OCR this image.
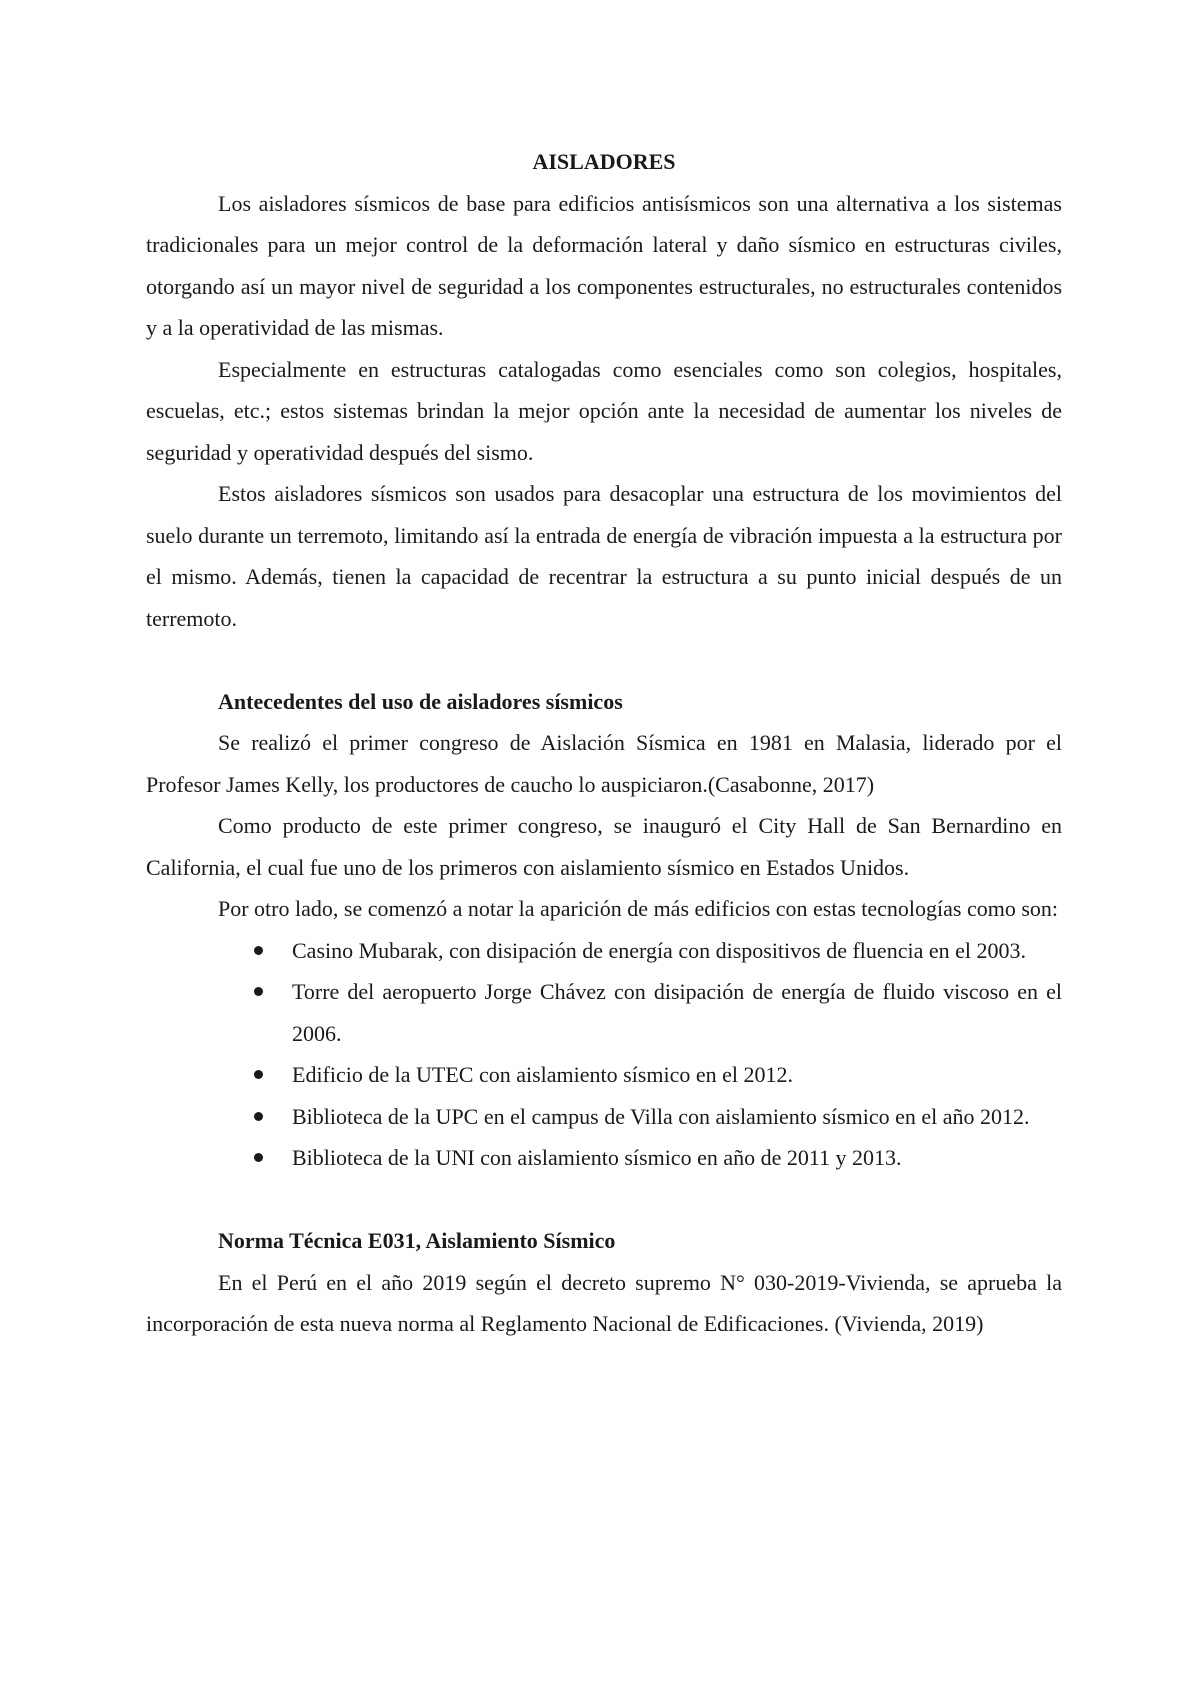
AISLADORES

Los aisladores sísmicos de base para edificios antisísmicos son una alternativa a los sistemas tradicionales para un mejor control de la deformación lateral y daño sísmico en estructuras civiles, otorgando así un mayor nivel de seguridad a los componentes estructurales, no estructurales contenidos y a la operatividad de las mismas.

Especialmente en estructuras catalogadas como esenciales como son colegios, hospitales, escuelas, etc.; estos sistemas brindan la mejor opción ante la necesidad de aumentar los niveles de seguridad y operatividad después del sismo.

Estos aisladores sísmicos son usados para desacoplar una estructura de los movimientos del suelo durante un terremoto, limitando así la entrada de energía de vibración impuesta a la estructura por el mismo. Además, tienen la capacidad de recentrar la estructura a su punto inicial después de un terremoto.

Antecedentes del uso de aisladores sísmicos

Se realizó el primer congreso de Aislación Sísmica en 1981 en Malasia, liderado por el Profesor James Kelly, los productores de caucho lo auspiciaron.(Casabonne, 2017)

Como producto de este primer congreso, se inauguró el City Hall de San Bernardino en California, el cual fue uno de los primeros con aislamiento sísmico en Estados Unidos.

Por otro lado, se comenzó a notar la aparición de más edificios con estas tecnologías como son:

Casino Mubarak, con disipación de energía con dispositivos de fluencia en el 2003.
Torre del aeropuerto Jorge Chávez con disipación de energía de fluido viscoso en el 2006.
Edificio de la UTEC con aislamiento sísmico en el 2012.
Biblioteca de la UPC en el campus de Villa con aislamiento sísmico en el año 2012.
Biblioteca de la UNI con aislamiento sísmico en año de 2011 y 2013.
Norma Técnica E031, Aislamiento Sísmico

En el Perú en el año 2019 según el decreto supremo N° 030-2019-Vivienda, se aprueba la incorporación de esta nueva norma al Reglamento Nacional de Edificaciones. (Vivienda, 2019)
